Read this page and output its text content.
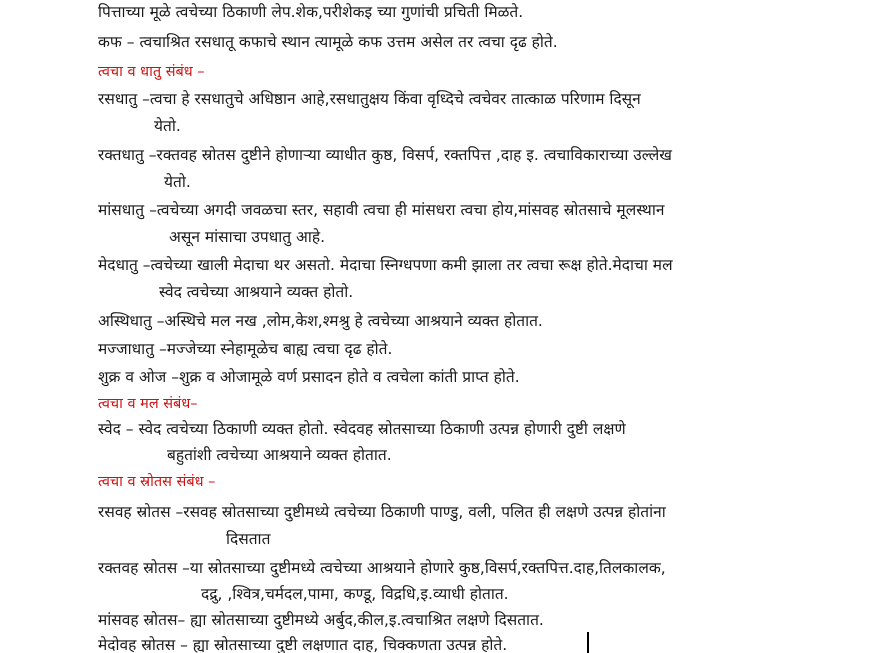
पित्ताच्या मूळे त्वचेच्या ठिकाणी लेप.शेक,परीशेकइ च्या गुणांची प्रचिती मिळते.
कफ – त्वचाश्रित रसधातू कफाचे स्थान त्यामूळे कफ उत्तम असेल तर त्वचा दृढ होते.
त्वचा व धातु संबंध –
रसधातु –त्वचा हे रसधातुचे अधिष्ठान आहे,रसधातुक्षय किंवा वृध्दिचे त्वचेवर तात्काळ परिणाम दिसून
येतो.
रक्तधातु –रक्तवह स्रोतस दुष्टीने होणाऱ्या व्याधीत कुष्ठ, विसर्प, रक्तपित्त ,दाह इ. त्वचाविकाराच्या उल्लेख
येतो.
मांसधातु –त्वचेच्या अगदी जवळचा स्तर, सहावी त्वचा ही मांसधरा त्वचा होय,मांसवह स्रोतसाचे मूलस्थान
असून मांसाचा उपधातु आहे.
मेदधातु –त्वचेच्या खाली मेदाचा थर असतो. मेदाचा स्निग्धपणा कमी झाला तर त्वचा रूक्ष होते.मेदाचा मल
स्वेद त्वचेच्या आश्रयाने व्यक्त होतो.
अस्थिधातु –अस्थिचे मल नख ,लोम,केश,श्मश्रु हे त्वचेच्या आश्रयाने व्यक्त होतात.
मज्जाधातु –मज्जेच्या स्नेहामूळेच बाह्य त्वचा दृढ होते.
शुक्र व ओज –शुक्र व ओजामूळे वर्ण प्रसादन होते व त्वचेला कांती प्राप्त होते.
त्वचा व मल संबंध–
स्वेद – स्वेद त्वचेच्या ठिकाणी व्यक्त होतो. स्वेदवह स्रोतसाच्या ठिकाणी उत्पन्न होणारी दुष्टी लक्षणे
बहुतांशी त्वचेच्या आश्रयाने व्यक्त होतात.
त्वचा व स्रोतस संबंध –
रसवह स्रोतस –रसवह स्रोतसाच्या दुष्टीमध्ये त्वचेच्या ठिकाणी पाण्डु, वली, पलित ही लक्षणे उत्पन्न होतांना
दिसतात
रक्तवह स्रोतस –या स्रोतसाच्या दुष्टीमध्ये त्वचेच्या आश्रयाने होणारे कुष्ठ,विसर्प,रक्तपित्त.दाह,तिलकालक,
दद्रु, ,श्वित्र,चर्मदल,पामा, कण्डू, विद्रधि,इ.व्याधी होतात.
मांसवह स्रोतस– ह्या स्रोतसाच्या दुष्टीमध्ये अर्बुद,कील,इ.त्वचाश्रित लक्षणे दिसतात.
मेदोवह स्रोतस – ह्या स्रोतसाच्या दुष्टी लक्षणात दाह, चिक्कणता उत्पन्न होते.
